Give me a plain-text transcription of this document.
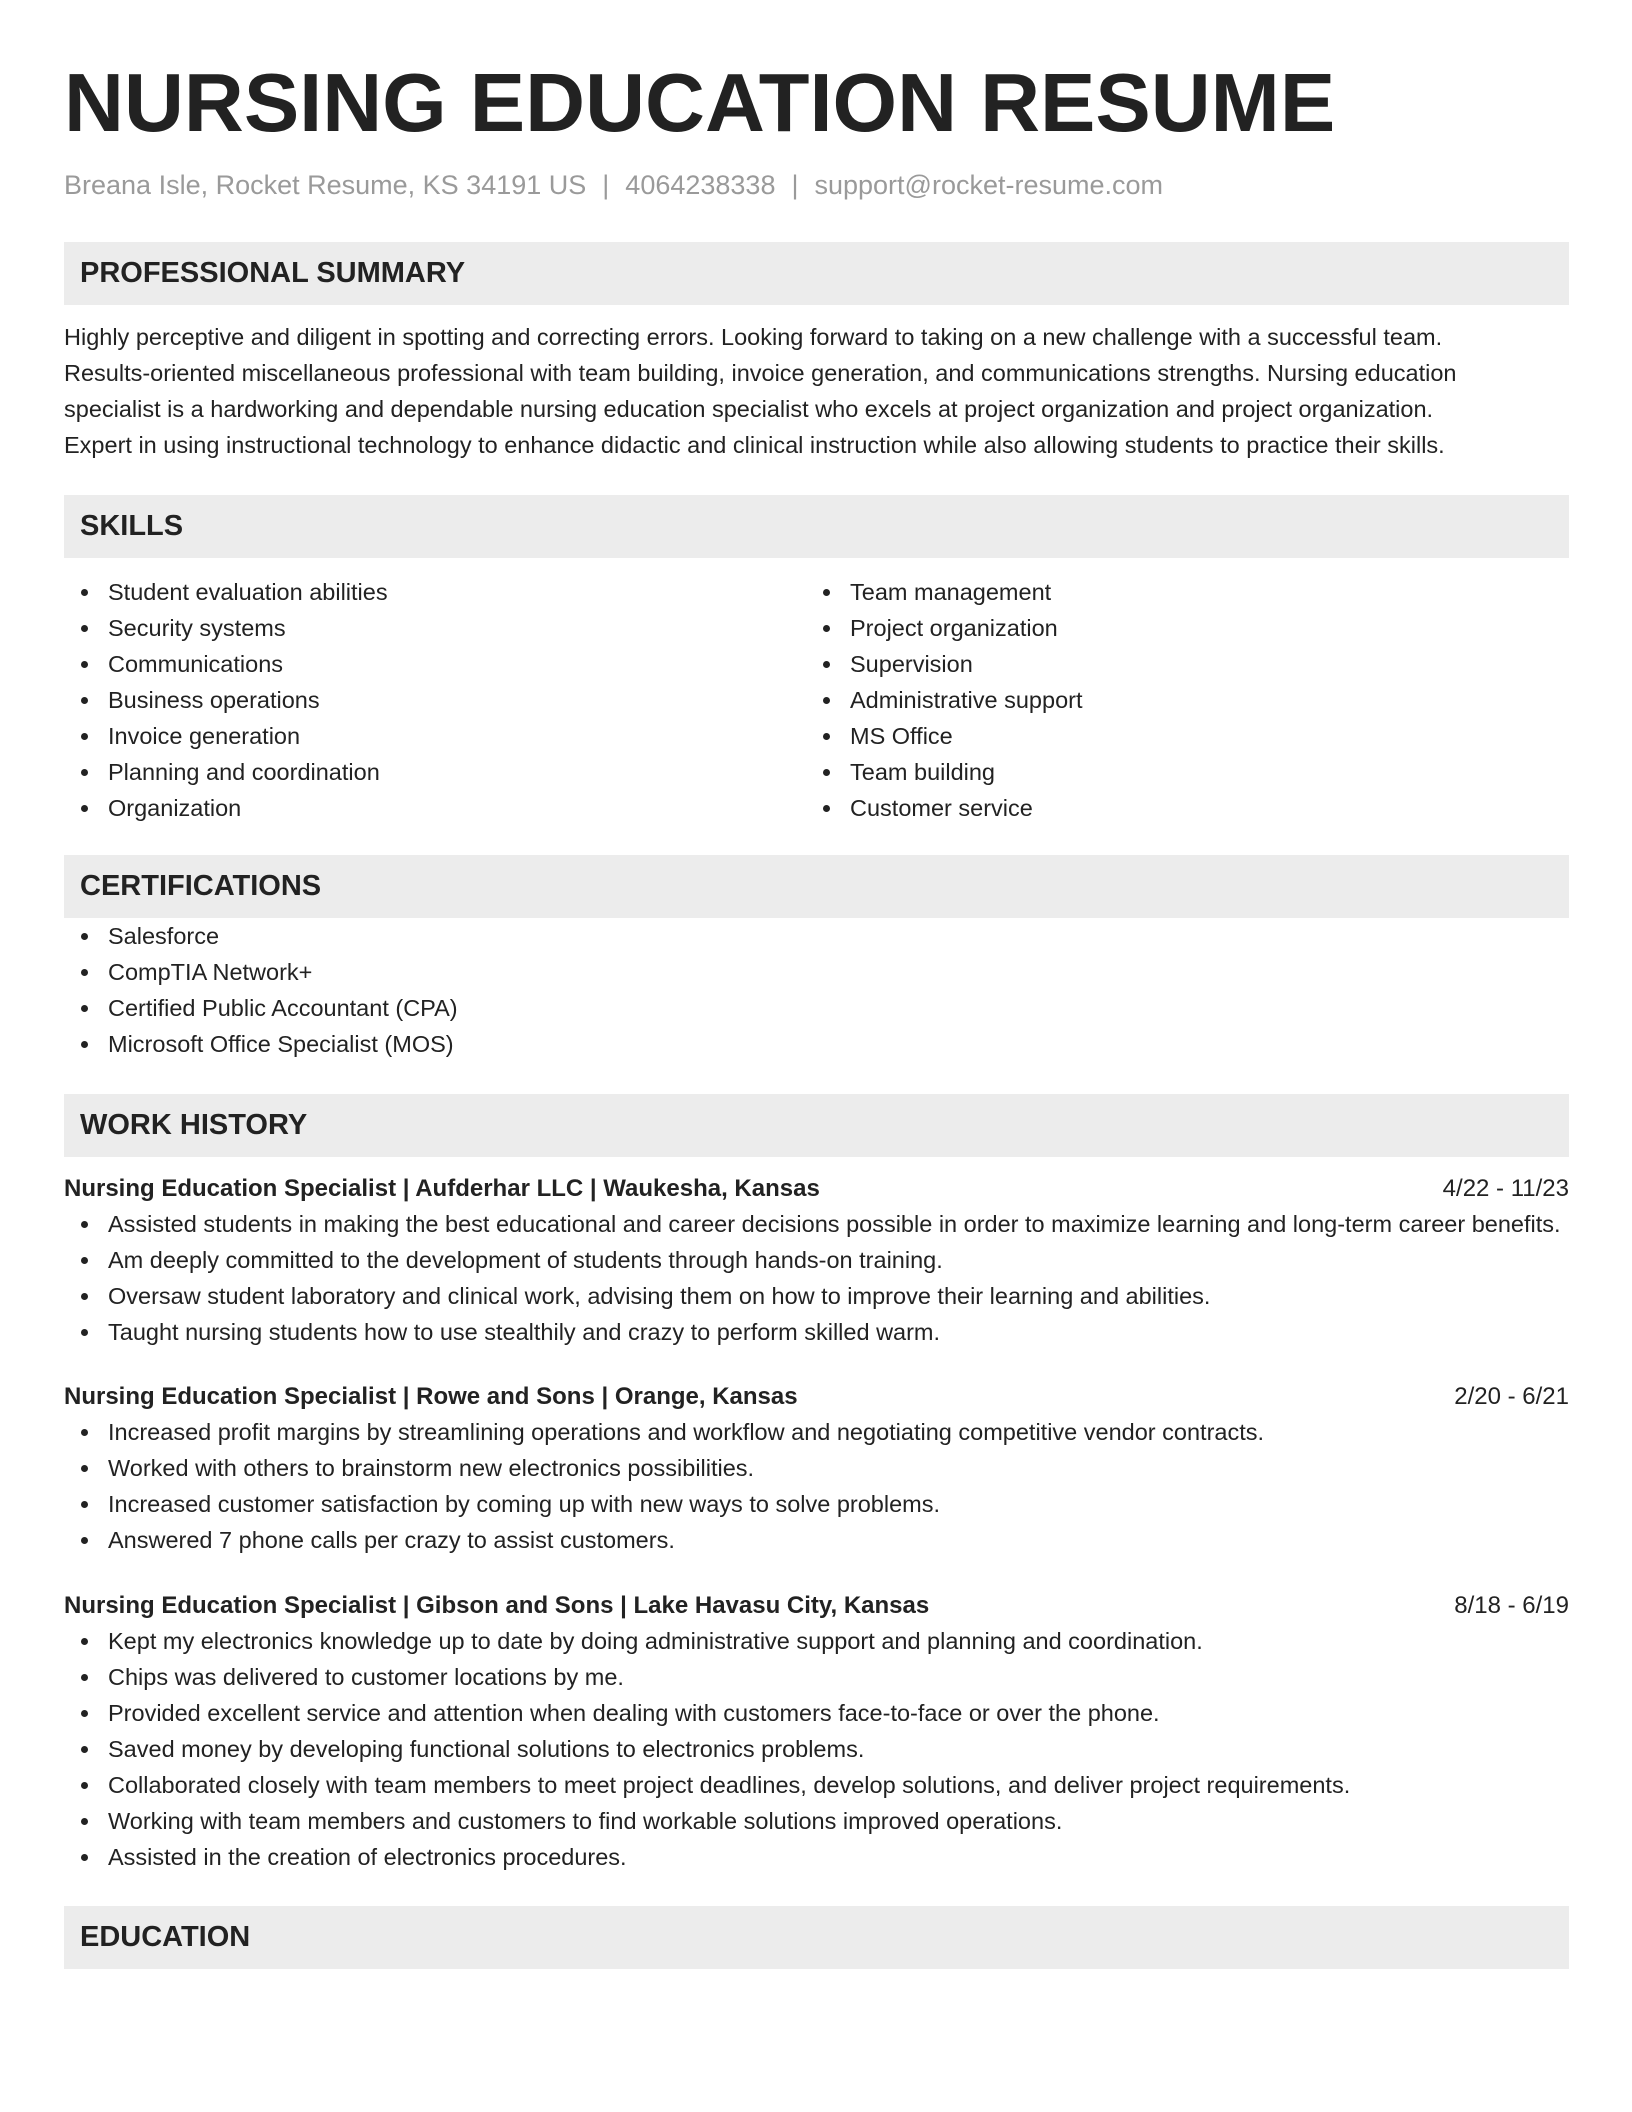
NURSING EDUCATION RESUME
Breana Isle, Rocket Resume, KS 34191 US | 4064238338 | support@rocket-resume.com
PROFESSIONAL SUMMARY
Highly perceptive and diligent in spotting and correcting errors. Looking forward to taking on a new challenge with a successful team.
Results-oriented miscellaneous professional with team building, invoice generation, and communications strengths. Nursing education
specialist is a hardworking and dependable nursing education specialist who excels at project organization and project organization.
Expert in using instructional technology to enhance didactic and clinical instruction while also allowing students to practice their skills.
SKILLS
Student evaluation abilities
Security systems
Communications
Business operations
Invoice generation
Planning and coordination
Organization
Team management
Project organization
Supervision
Administrative support
MS Office
Team building
Customer service
CERTIFICATIONS
Salesforce
CompTIA Network+
Certified Public Accountant (CPA)
Microsoft Office Specialist (MOS)
WORK HISTORY
Nursing Education Specialist | Aufderhar LLC | Waukesha, Kansas	4/22 - 11/23
Assisted students in making the best educational and career decisions possible in order to maximize learning and long-term career benefits.
Am deeply committed to the development of students through hands-on training.
Oversaw student laboratory and clinical work, advising them on how to improve their learning and abilities.
Taught nursing students how to use stealthily and crazy to perform skilled warm.
Nursing Education Specialist | Rowe and Sons | Orange, Kansas	2/20 - 6/21
Increased profit margins by streamlining operations and workflow and negotiating competitive vendor contracts.
Worked with others to brainstorm new electronics possibilities.
Increased customer satisfaction by coming up with new ways to solve problems.
Answered 7 phone calls per crazy to assist customers.
Nursing Education Specialist | Gibson and Sons | Lake Havasu City, Kansas	8/18 - 6/19
Kept my electronics knowledge up to date by doing administrative support and planning and coordination.
Chips was delivered to customer locations by me.
Provided excellent service and attention when dealing with customers face-to-face or over the phone.
Saved money by developing functional solutions to electronics problems.
Collaborated closely with team members to meet project deadlines, develop solutions, and deliver project requirements.
Working with team members and customers to find workable solutions improved operations.
Assisted in the creation of electronics procedures.
EDUCATION
